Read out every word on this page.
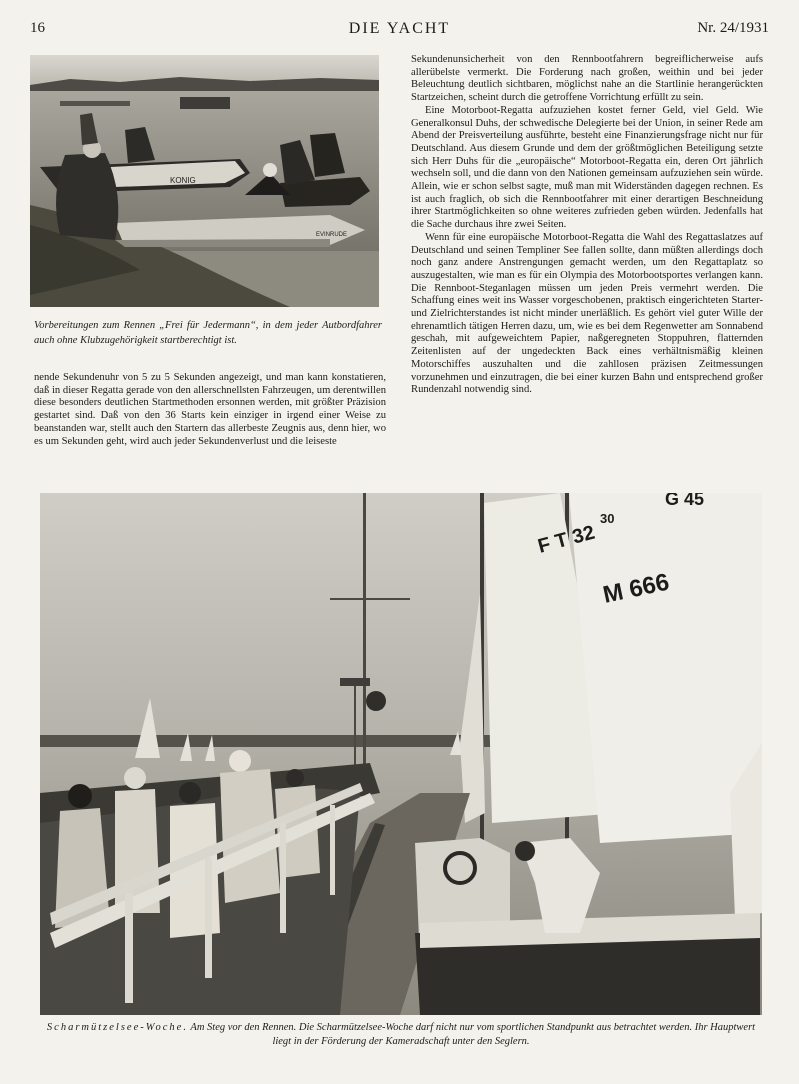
16	DIE YACHT	Nr. 24/1931
KONIG
EVINRUDE
Vorbereitungen zum Rennen „Frei für Jedermann“, in dem jeder Autbordfahrer auch ohne Klubzugehörigkeit startberechtigt ist.

nende Sekundenuhr von 5 zu 5 Sekunden angezeigt, und man kann konstatieren, daß in dieser Regatta gerade von den allerschnellsten Fahrzeugen, um derentwillen diese besonders deutlichen Startmethoden ersonnen werden, mit größter Präzision gestartet sind. Daß von den 36 Starts kein einziger in irgend einer Weise zu beanstanden war, stellt auch den Startern das allerbeste Zeugnis aus, denn hier, wo es um Sekunden geht, wird auch jeder Sekundenverlust und die leiseste

Sekundenunsicherheit von den Rennbootfahrern begreiflicherweise aufs allerübelste vermerkt. Die Forderung nach großen, weithin und bei jeder Beleuchtung deutlich sichtbaren, möglichst nahe an die Startlinie herangerückten Startzeichen, scheint durch die getroffene Vorrichtung erfüllt zu sein.

Eine Motorboot-Regatta aufzuziehen kostet ferner Geld, viel Geld. Wie Generalkonsul Duhs, der schwedische Delegierte bei der Union, in seiner Rede am Abend der Preisverteilung ausführte, besteht eine Finanzierungsfrage nicht nur für Deutschland. Aus diesem Grunde und dem der größtmöglichen Beteiligung setzte sich Herr Duhs für die „europäische“ Motorboot-Regatta ein, deren Ort jährlich wechseln soll, und die dann von den Nationen gemeinsam aufzuziehen sein würde. Allein, wie er schon selbst sagte, muß man mit Widerständen dagegen rechnen. Es ist auch fraglich, ob sich die Rennbootfahrer mit einer derartigen Beschneidung ihrer Startmöglichkeiten so ohne weiteres zufrieden geben würden. Jedenfalls hat die Sache durchaus ihre zwei Seiten.

Wenn für eine europäische Motorboot-Regatta die Wahl des Regattaslatzes auf Deutschland und seinen Templiner See fallen sollte, dann müßten allerdings doch noch ganz andere Anstrengungen gemacht werden, um den Regattaplatz so auszugestalten, wie man es für ein Olympia des Motorbootsportes verlangen kann. Die Rennboot-Steganlagen müssen um jeden Preis vermehrt werden. Die Schaffung eines weit ins Wasser vorgeschobenen, praktisch eingerichteten Starter- und Zielrichterstandes ist nicht minder unerläßlich. Es gehört viel guter Wille der ehrenamtlich tätigen Herren dazu, um, wie es bei dem Regenwetter am Sonnabend geschah, mit aufgeweichtem Papier, naßgeregneten Stoppuhren, flatternden Zeitenlisten auf der ungedeckten Back eines verhältnismäßig kleinen Motorschiffes auszuhalten und die zahllosen präzisen Zeitmessungen vorzunehmen und einzutragen, die bei einer kurzen Bahn und entsprechend großer Rundenzahl notwendig sind.

F T 32
M 666
30
G 45
Scharmützelsee-Woche. Am Steg vor den Rennen. Die Scharmützelsee-Woche darf nicht nur vom sportlichen Standpunkt aus betrachtet werden. Ihr Hauptwert liegt in der Förderung der Kameradschaft unter den Seglern.
